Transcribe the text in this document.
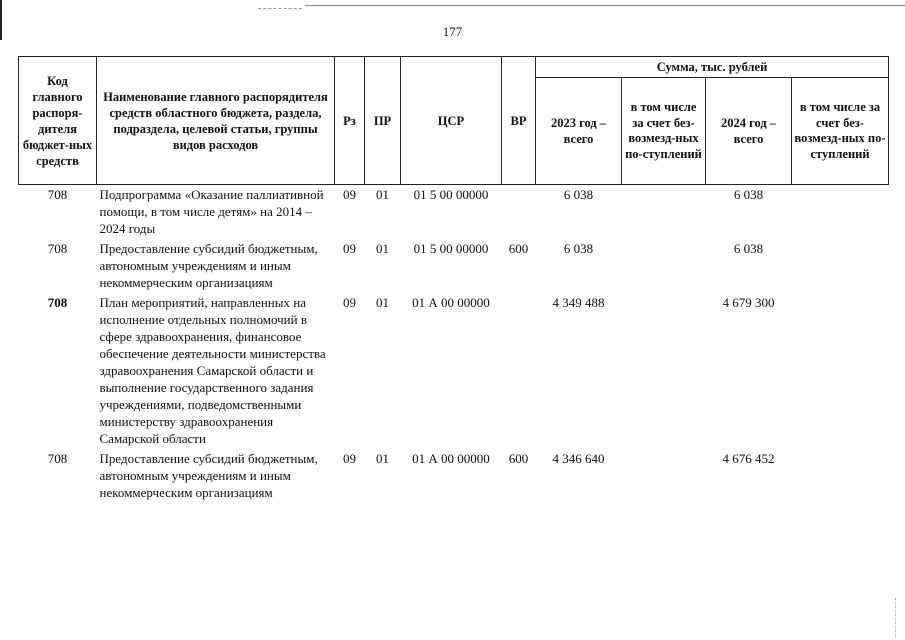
177
Код главного распоря-дителя бюджет-ных средств	Наименование главного распорядителя средств областного бюджета, раздела, подраздела, целевой статьи, группы видов расходов	Рз	ПР	ЦСР	ВР	Сумма, тыс. рублей			
						2023 год – всего	в том числе за счет без-возмезд-ных по-ступлений	2024 год – всего	в том числе за счет без-возмезд-ных по-ступлений
708	Подпрограмма «Оказание паллиативной помощи, в том числе детям» на 2014 – 2024 годы	09	01	01 5 00 00000		6 038		6 038	
708	Предоставление субсидий бюджетным, автономным учреждениям и иным некоммерческим организациям	09	01	01 5 00 00000	600	6 038		6 038	
708	План мероприятий, направленных на исполнение отдельных полномочий в сфере здравоохранения, финансовое обеспечение деятельности министерства здравоохранения Самарской области и выполнение государственного задания учреждениями, подведомственными министерству здравоохранения Самарской области	09	01	01 А 00 00000		4 349 488		4 679 300	
708	Предоставление субсидий бюджетным, автономным учреждениям и иным некоммерческим организациям	09	01	01 А 00 00000	600	4 346 640		4 676 452	
